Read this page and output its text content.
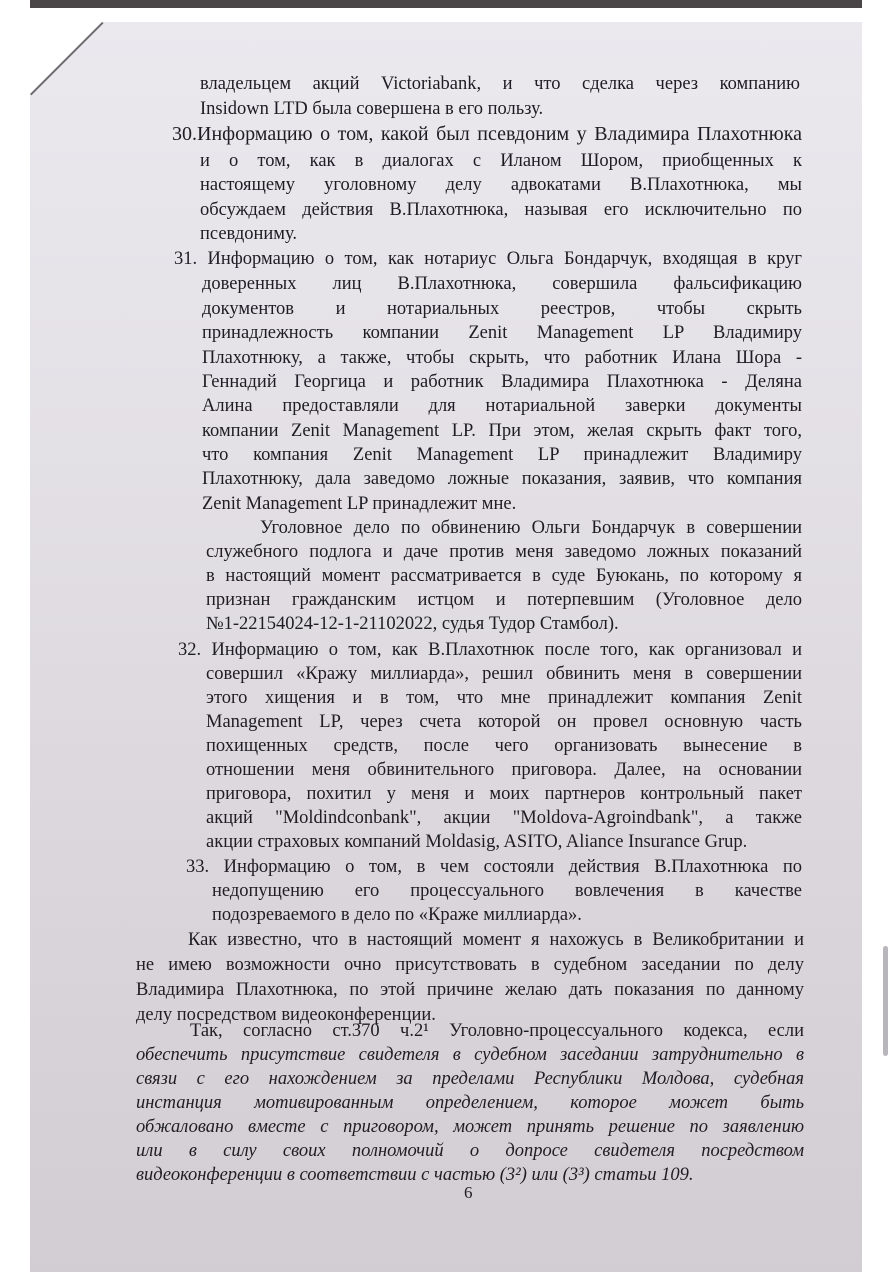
владельцем акций Victoriabank, и что сделка через компанию

Insidown LTD была совершена в его пользу.

30.Информацию о том, какой был псевдоним у Владимира Плахотнюка

и о том, как в диалогах с Иланом Шором, приобщенных к

настоящему уголовному делу адвокатами В.Плахотнюка, мы

обсуждаем действия В.Плахотнюка, называя его исключительно по

псевдониму.

31. Информацию о том, как нотариус Ольга Бондарчук, входящая в круг

доверенных лиц В.Плахотнюка, совершила фальсификацию

документов и нотариальных реестров, чтобы скрыть

принадлежность компании Zenit Management LP Владимиру

Плахотнюку, а также, чтобы скрыть, что работник Илана Шора -

Геннадий Георгица и работник Владимира Плахотнюка - Деляна

Алина предоставляли для нотариальной заверки документы

компании Zenit Management LP. При этом, желая скрыть факт того,

что компания Zenit Management LP принадлежит Владимиру

Плахотнюку, дала заведомо ложные показания, заявив, что компания

Zenit Management LP принадлежит мне.

Уголовное дело по обвинению Ольги Бондарчук в совершении

служебного подлога и даче против меня заведомо ложных показаний

в настоящий момент рассматривается в суде Буюкань, по которому я

признан гражданским истцом и потерпевшим (Уголовное дело

№1-22154024-12-1-21102022, судья Тудор Стамбол).

32. Информацию о том, как В.Плахотнюк после того, как организовал и

совершил «Кражу миллиарда», решил обвинить меня в совершении

этого хищения и в том, что мне принадлежит компания Zenit

Management LP, через счета которой он провел основную часть

похищенных средств, после чего организовать вынесение в

отношении меня обвинительного приговора. Далее, на основании

приговора, похитил у меня и моих партнеров контрольный пакет

акций "Moldindconbank", акции "Moldova-Agroindbank", а также

акции страховых компаний Moldasig, ASITO, Aliance Insurance Grup.

33. Информацию о том, в чем состояли действия В.Плахотнюка по

недопущению его процессуального вовлечения в качестве

подозреваемого в дело по «Краже миллиарда».

Как известно, что в настоящий момент я нахожусь в Великобритании и

не имею возможности очно присутствовать в судебном заседании по делу

Владимира Плахотнюка, по этой причине желаю дать показания по данному

делу посредством видеоконференции.

Так, согласно ст.370 ч.2¹ Уголовно-процессуального кодекса, если

обеспечить присутствие свидетеля в судебном заседании затруднительно в

связи с его нахождением за пределами Республики Молдова, судебная

инстанция мотивированным определением, которое может быть

обжаловано вместе с приговором, может принять решение по заявлению

или в силу своих полномочий о допросе свидетеля посредством

видеоконференции в соответствии с частью (3²) или (3³) статьи 109.

6
